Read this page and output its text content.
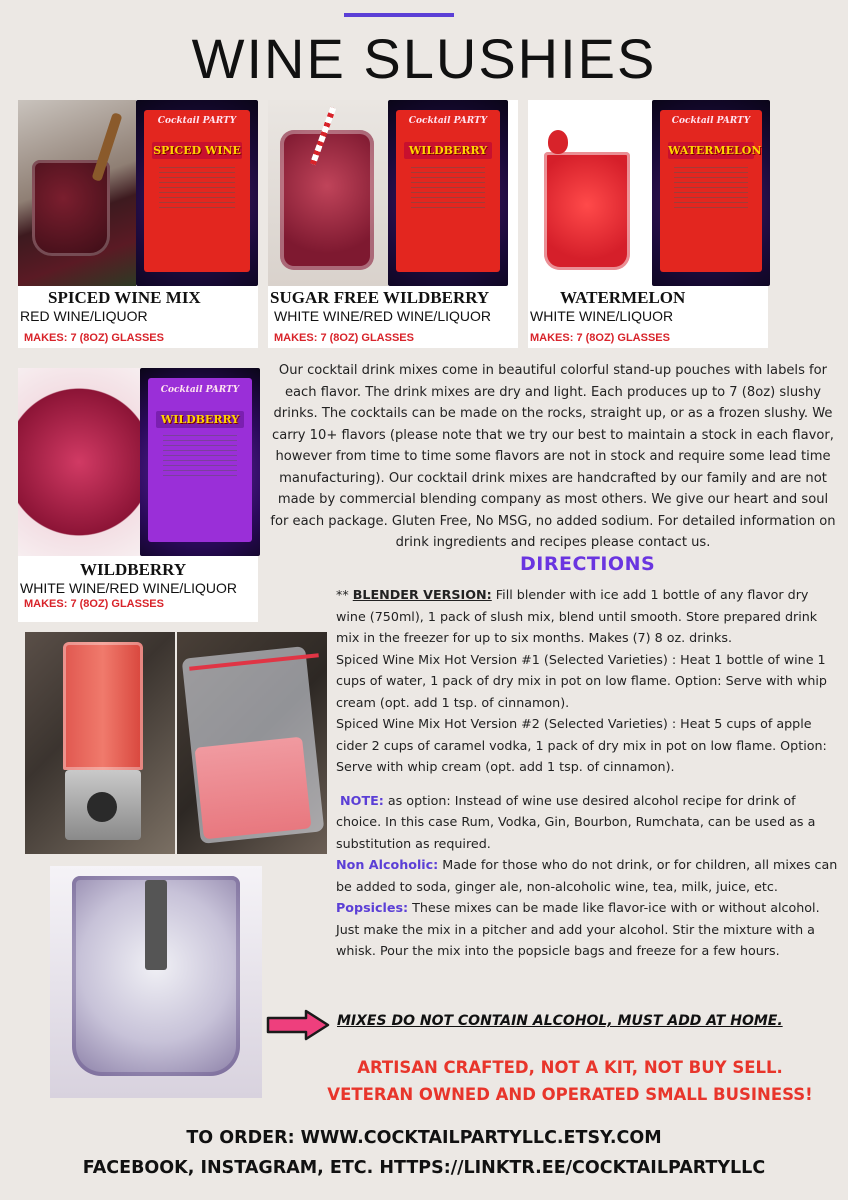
WINE SLUSHIES
Cocktail PARTY
SPICED WINE
SPICED WINE MIX
RED WINE/LIQUOR
MAKES: 7 (8OZ) GLASSES
Cocktail PARTY
WILDBERRY
SUGAR FREE WILDBERRY
WHITE WINE/RED WINE/LIQUOR
MAKES: 7 (8OZ) GLASSES
Cocktail PARTY
WATERMELON
WATERMELON
WHITE WINE/LIQUOR
MAKES: 7 (8OZ) GLASSES
Cocktail PARTY
WILDBERRY
WILDBERRY
WHITE WINE/RED WINE/LIQUOR
MAKES: 7 (8OZ) GLASSES
Our cocktail drink mixes come in beautiful colorful stand-up pouches with labels for each flavor. The drink mixes are dry and light. Each produces up to 7 (8oz) slushy drinks. The cocktails can be made on the rocks, straight up, or as a frozen slushy. We carry 10+ flavors (please note that we try our best to maintain a stock in each flavor, however from time to time some flavors are not in stock and require some lead time manufacturing). Our cocktail drink mixes are handcrafted by our family and are not made by commercial blending company as most others. We give our heart and soul for each package. Gluten Free, No MSG, no added sodium. For detailed information on drink ingredients and recipes please contact us.
DIRECTIONS

** BLENDER VERSION: Fill blender with ice add 1 bottle of any flavor dry wine (750ml), 1 pack of slush mix, blend until smooth. Store prepared drink mix in the freezer for up to six months. Makes (7) 8 oz. drinks.

Spiced Wine Mix Hot Version #1 (Selected Varieties) : Heat 1 bottle of wine 1 cups of water, 1 pack of dry mix in pot on low flame. Option: Serve with whip cream (opt. add 1 tsp. of cinnamon).

Spiced Wine Mix Hot Version #2 (Selected Varieties) : Heat 5 cups of apple cider 2 cups of caramel vodka, 1 pack of dry mix in pot on low flame. Option: Serve with whip cream (opt. add 1 tsp. of cinnamon).

NOTE: as option: Instead of wine use desired alcohol recipe for drink of choice. In this case Rum, Vodka, Gin, Bourbon, Rumchata, can be used as a substitution as required.

Non Alcoholic: Made for those who do not drink, or for children, all mixes can be added to soda, ginger ale, non-alcoholic wine, tea, milk, juice, etc.

Popsicles: These mixes can be made like flavor-ice with or without alcohol. Just make the mix in a pitcher and add your alcohol. Stir the mixture with a whisk. Pour the mix into the popsicle bags and freeze for a few hours.

MIXES DO NOT CONTAIN ALCOHOL, MUST ADD AT HOME.
ARTISAN CRAFTED, NOT A KIT, NOT BUY SELL.
VETERAN OWNED AND OPERATED SMALL BUSINESS!
TO ORDER: WWW.COCKTAILPARTYLLC.ETSY.COM
FACEBOOK, INSTAGRAM, ETC. HTTPS://LINKTR.EE/COCKTAILPARTYLLC
